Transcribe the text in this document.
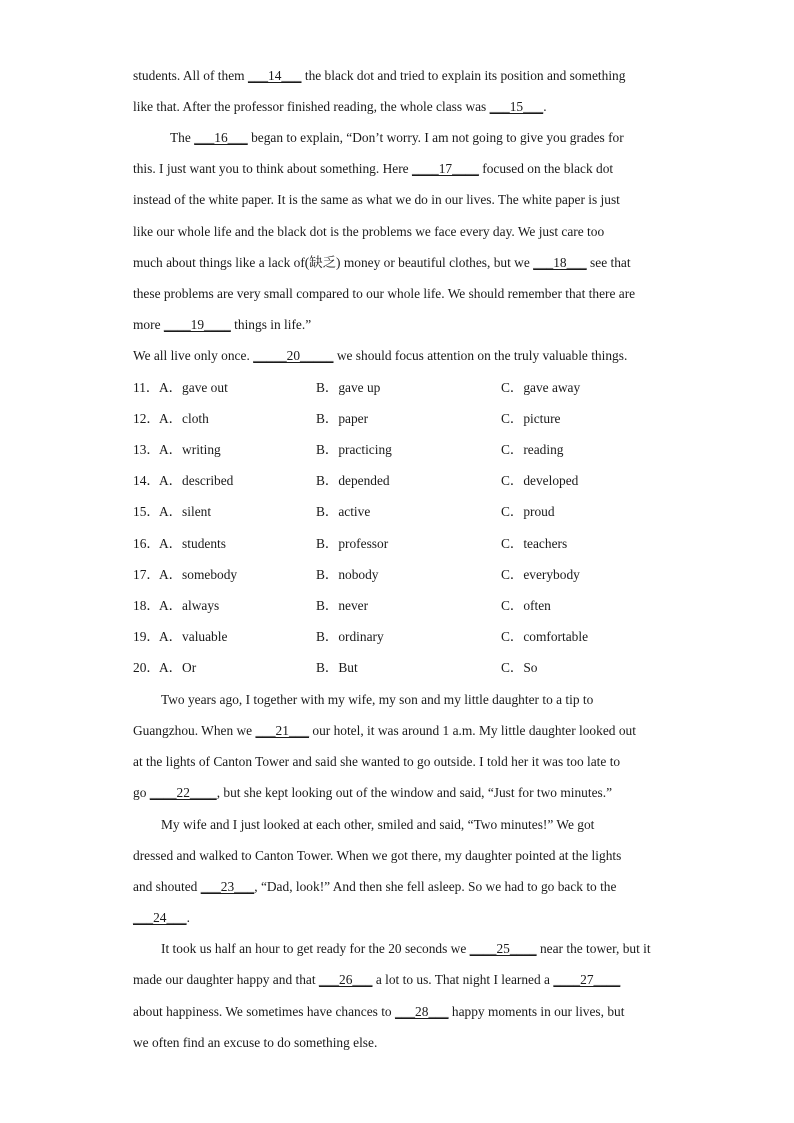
students. All of them ___14___ the black dot and tried to explain its position and something
like that. After the professor finished reading, the whole class was ___15___.
The ___16___ began to explain, “Don’t worry. I am not going to give you grades for
this. I just want you to think about something. Here ____17____ focused on the black dot
instead of the white paper. It is the same as what we do in our lives. The white paper is just
like our whole life and the black dot is the problems we face every day. We just care too
much about things like a lack of(缺乏) money or beautiful clothes, but we ___18___ see that
these problems are very small compared to our whole life. We should remember that there are
more ____19____ things in life.”
We all live only once. _____20_____ we should focus attention on the truly valuable things.
11． A．gave out	B．gave up	C．gave away
12． A．cloth	B．paper	C．picture
13． A．writing	B．practicing	C．reading
14． A．described	B．depended	C．developed
15． A．silent	B．active	C．proud
16． A．students	B．professor	C．teachers
17． A．somebody	B．nobody	C．everybody
18． A．always	B．never	C．often
19． A．valuable	B．ordinary	C．comfortable
20． A．Or	B．But	C．So
Two years ago, I together with my wife, my son and my little daughter to a tip to
Guangzhou. When we ___21___ our hotel, it was around 1 a.m. My little daughter looked out
at the lights of Canton Tower and said she wanted to go outside. I told her it was too late to
go ____22____, but she kept looking out of the window and said, “Just for two minutes.”
My wife and I just looked at each other, smiled and said, “Two minutes!” We got
dressed and walked to Canton Tower. When we got there, my daughter pointed at the lights
and shouted ___23___, “Dad, look!” And then she fell asleep. So we had to go back to the
___24___.
It took us half an hour to get ready for the 20 seconds we ____25____ near the tower, but it
made our daughter happy and that ___26___ a lot to us. That night I learned a ____27____
about happiness. We sometimes have chances to ___28___ happy moments in our lives, but
we often find an excuse to do something else.
